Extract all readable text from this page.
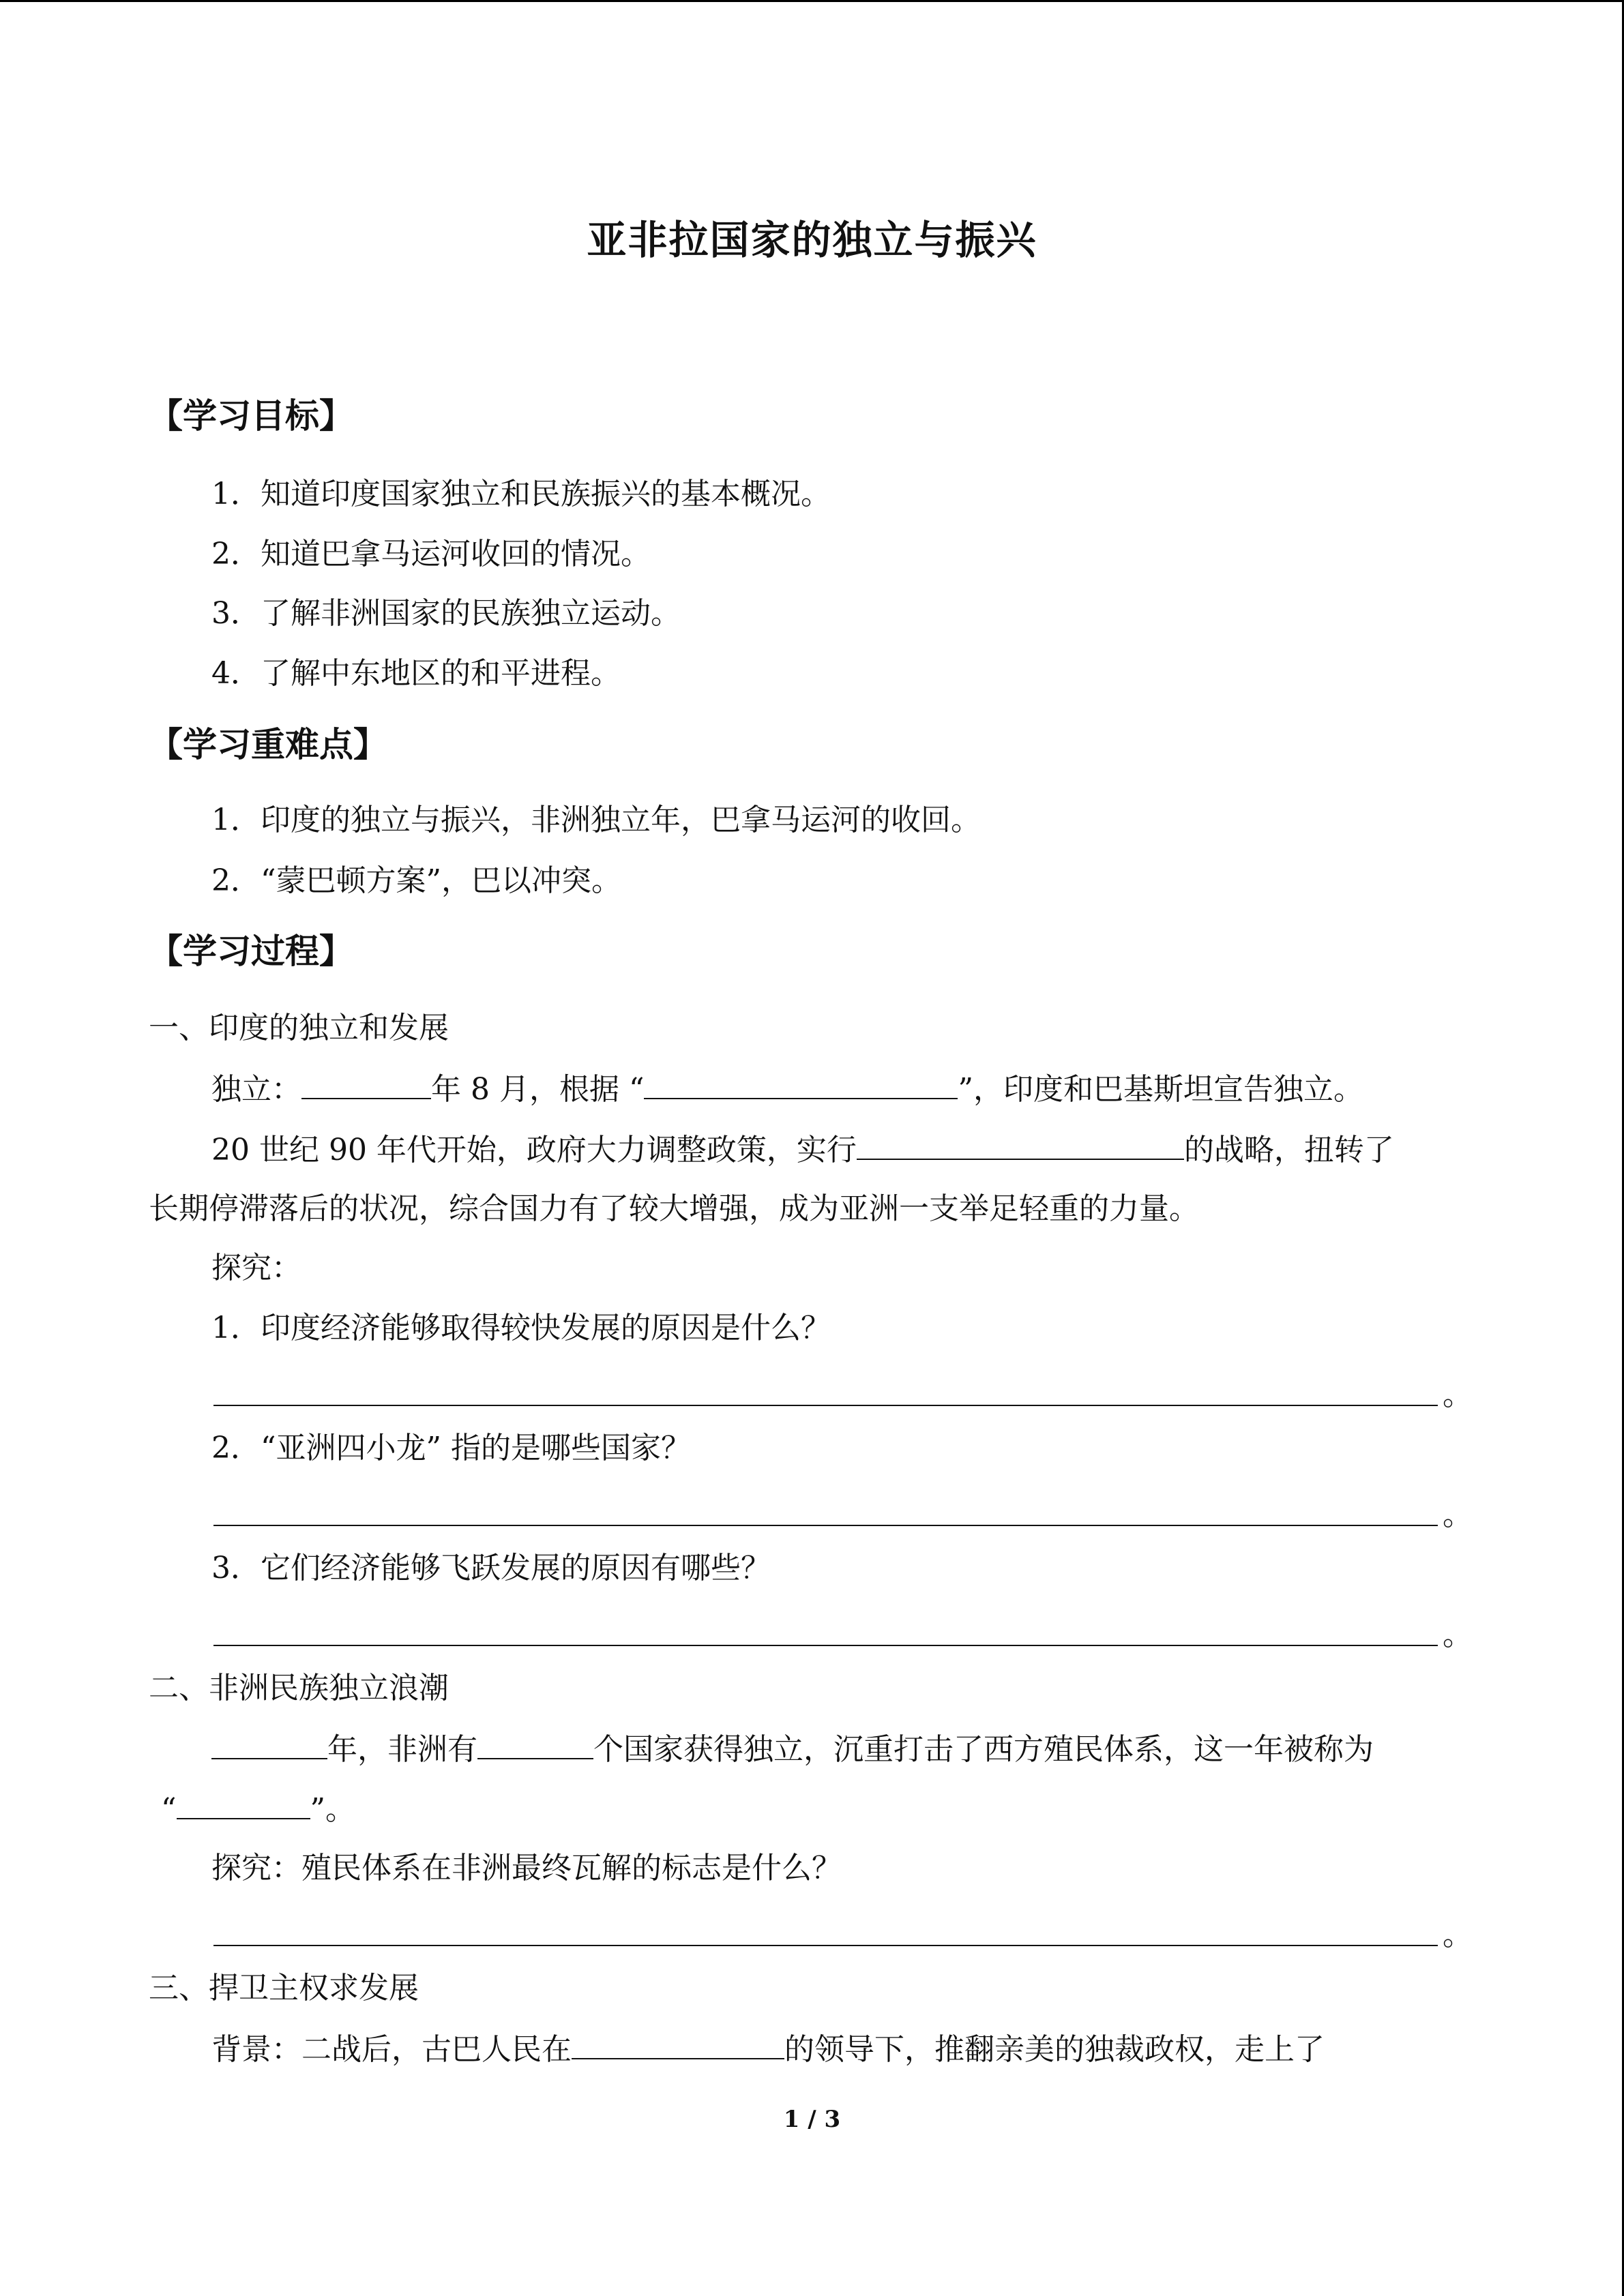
亚非拉国家的独立与振兴
【学习目标】
1．知道印度国家独立和民族振兴的基本概况。
2．知道巴拿马运河收回的情况。
3．了解非洲国家的民族独立运动。
4．了解中东地区的和平进程。
【学习重难点】
1．印度的独立与振兴，非洲独立年，巴拿马运河的收回。
2．“蒙巴顿方案”，巴以冲突。
【学习过程】
一、印度的独立和发展
独立：	年 8 月，根据 “	”，印度和巴基斯坦宣告独立。
20 世纪 90 年代开始，政府大力调整政策，实行	的战略，扭转了
长期停滞落后的状况，综合国力有了较大增强，成为亚洲一支举足轻重的力量。
探究：
1．印度经济能够取得较快发展的原因是什么？
。
2．“亚洲四小龙” 指的是哪些国家？
。
3．它们经济能够飞跃发展的原因有哪些？
。
二、非洲民族独立浪潮
年，非洲有	个国家获得独立，沉重打击了西方殖民体系，这一年被称为
“	”。
探究：殖民体系在非洲最终瓦解的标志是什么？
。
三、捍卫主权求发展
背景：二战后，古巴人民在	的领导下，推翻亲美的独裁政权，走上了
1 / 3
